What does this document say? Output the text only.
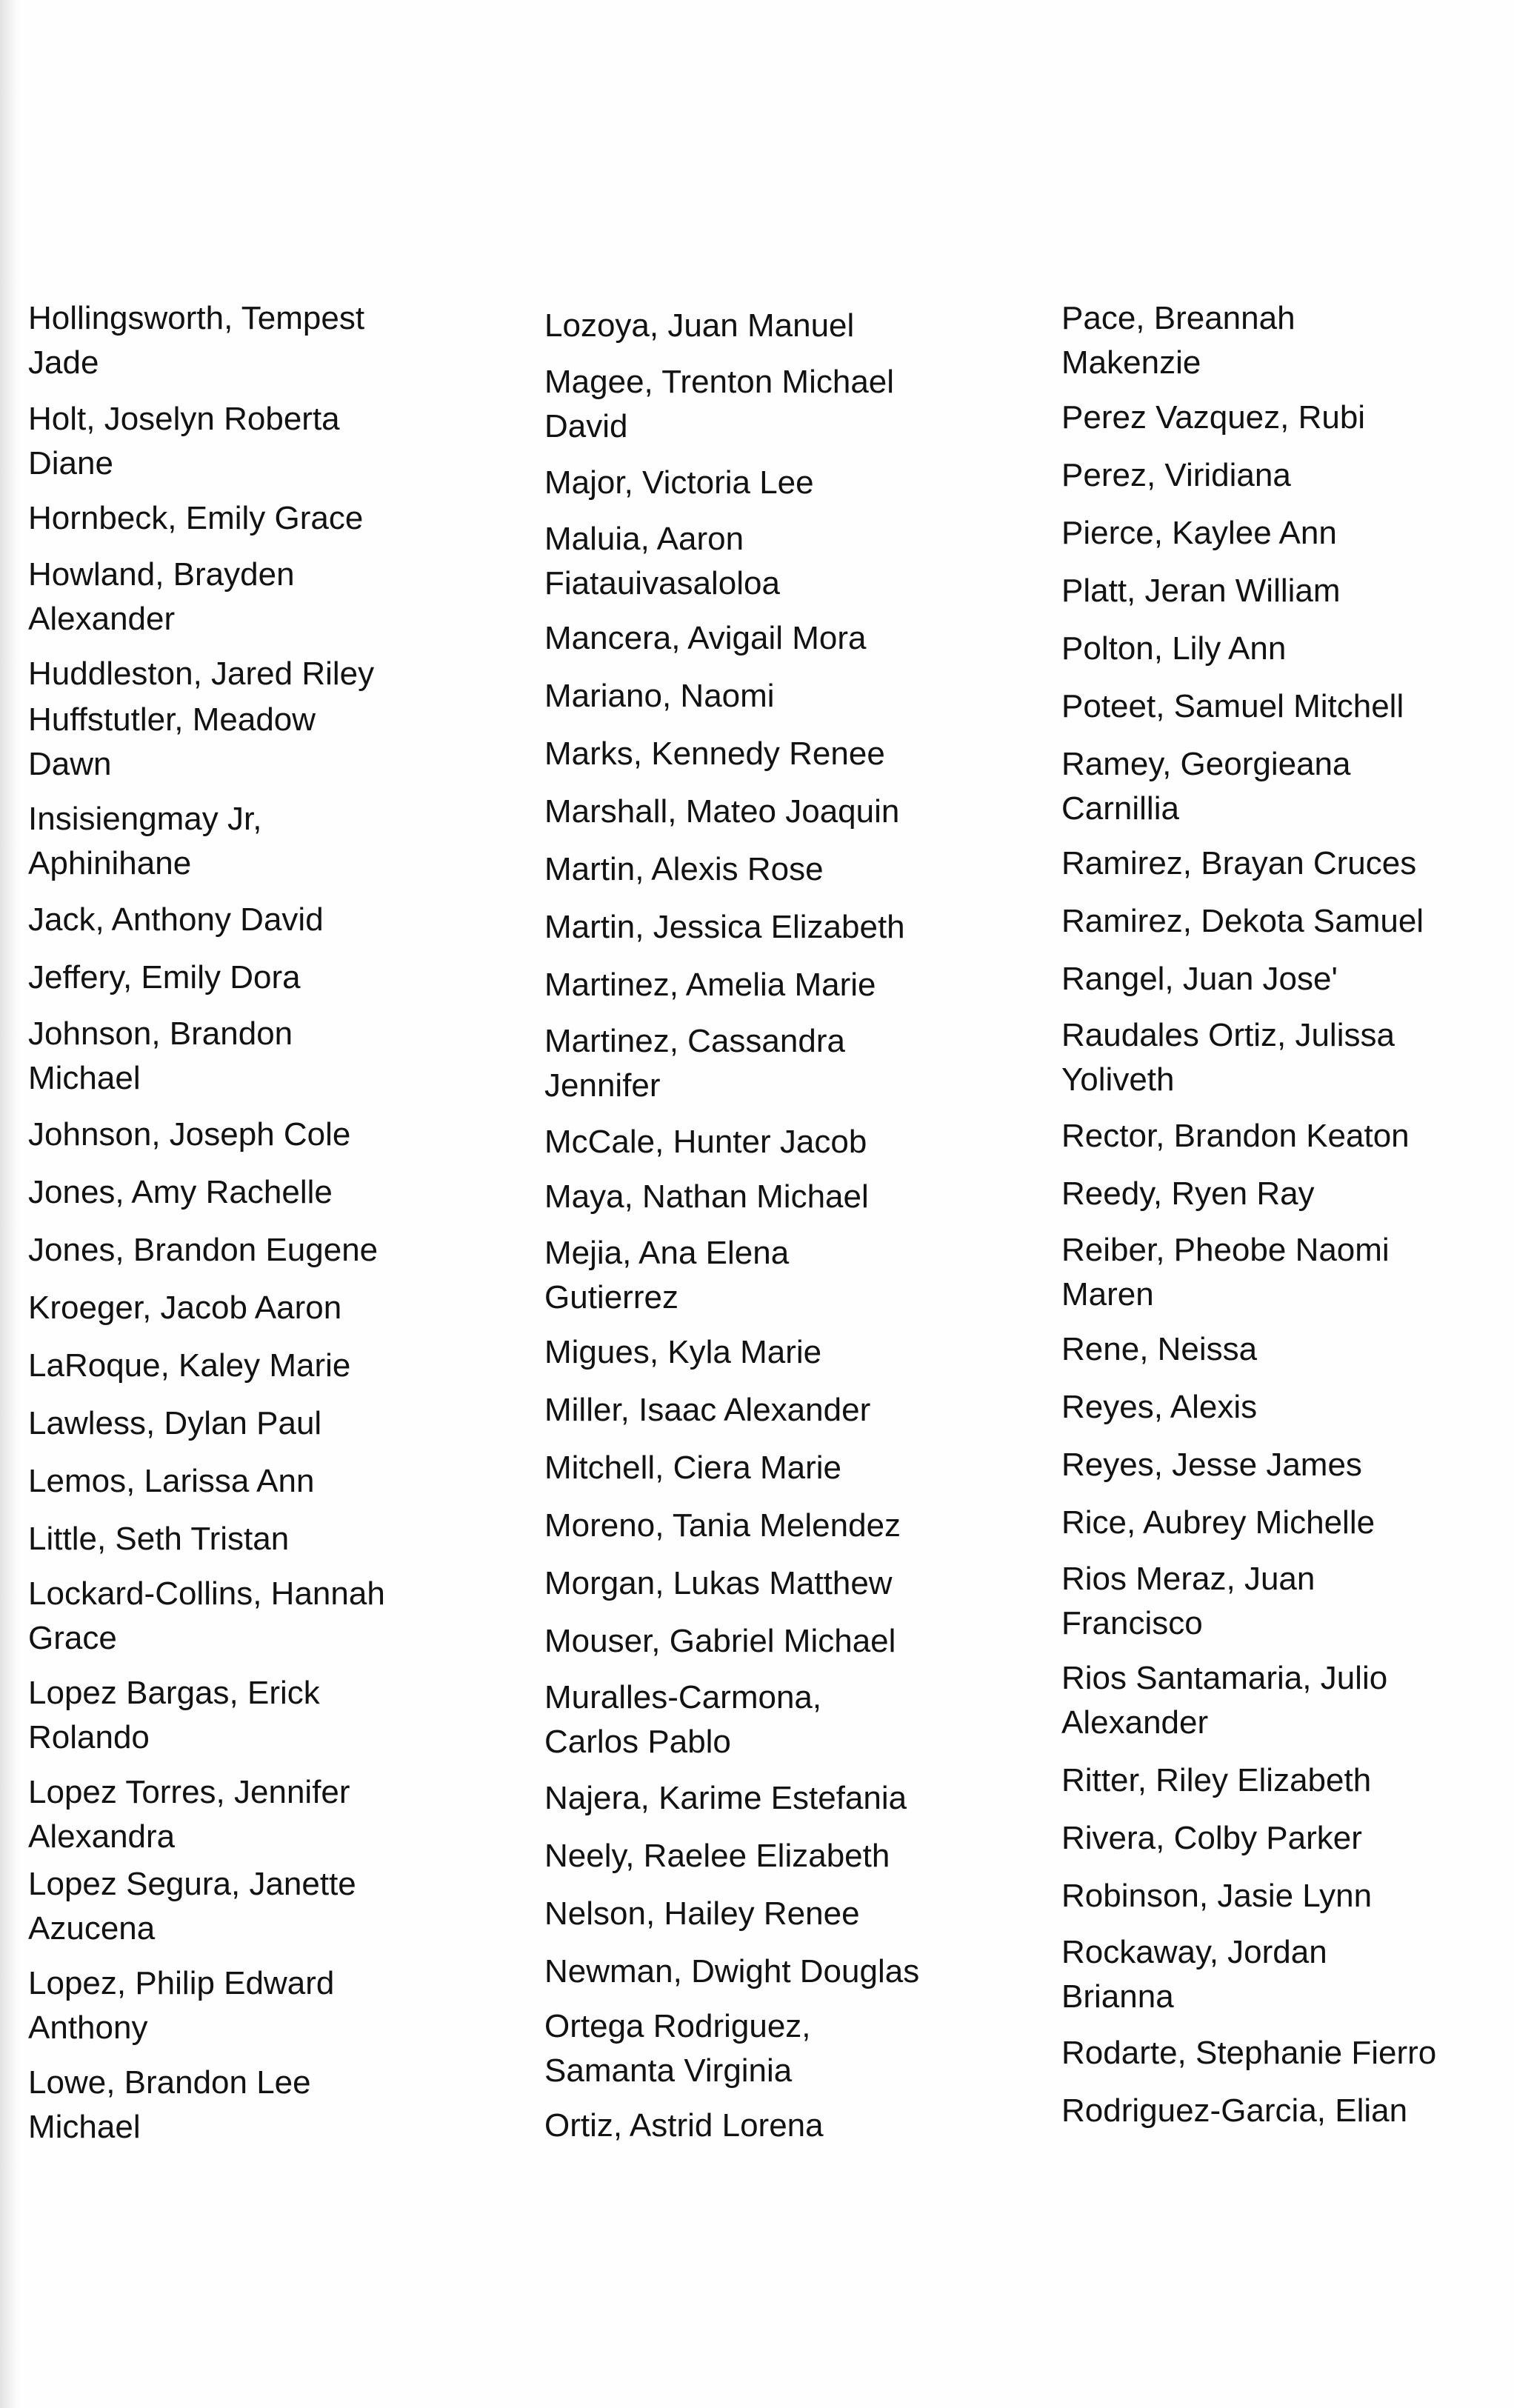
Hollingsworth, Tempest
Jade
Holt, Joselyn Roberta
Diane
Hornbeck, Emily Grace
Howland, Brayden
Alexander
Huddleston, Jared Riley
Huffstutler, Meadow
Dawn
Insisiengmay Jr,
Aphinihane
Jack, Anthony David
Jeffery, Emily Dora
Johnson, Brandon
Michael
Johnson, Joseph Cole
Jones, Amy Rachelle
Jones, Brandon Eugene
Kroeger, Jacob Aaron
LaRoque, Kaley Marie
Lawless, Dylan Paul
Lemos, Larissa Ann
Little, Seth Tristan
Lockard-Collins, Hannah
Grace
Lopez Bargas, Erick
Rolando
Lopez Torres, Jennifer
Alexandra
Lopez Segura, Janette
Azucena
Lopez, Philip Edward
Anthony
Lowe, Brandon Lee
Michael
Lozoya, Juan Manuel
Magee, Trenton Michael
David
Major, Victoria Lee
Maluia, Aaron
Fiatauivasaloloa
Mancera, Avigail Mora
Mariano, Naomi
Marks, Kennedy Renee
Marshall, Mateo Joaquin
Martin, Alexis Rose
Martin, Jessica Elizabeth
Martinez, Amelia Marie
Martinez, Cassandra
Jennifer
McCale, Hunter Jacob
Maya, Nathan Michael
Mejia, Ana Elena
Gutierrez
Migues, Kyla Marie
Miller, Isaac Alexander
Mitchell, Ciera Marie
Moreno, Tania Melendez
Morgan, Lukas Matthew
Mouser, Gabriel Michael
Muralles-Carmona,
Carlos Pablo
Najera, Karime Estefania
Neely, Raelee Elizabeth
Nelson, Hailey Renee
Newman, Dwight Douglas
Ortega Rodriguez,
Samanta Virginia
Ortiz, Astrid Lorena
Pace, Breannah
Makenzie
Perez Vazquez, Rubi
Perez, Viridiana
Pierce, Kaylee Ann
Platt, Jeran William
Polton, Lily Ann
Poteet, Samuel Mitchell
Ramey, Georgieana
Carnillia
Ramirez, Brayan Cruces
Ramirez, Dekota Samuel
Rangel, Juan Jose'
Raudales Ortiz, Julissa
Yoliveth
Rector, Brandon Keaton
Reedy, Ryen Ray
Reiber, Pheobe Naomi
Maren
Rene, Neissa
Reyes, Alexis
Reyes, Jesse James
Rice, Aubrey Michelle
Rios Meraz, Juan
Francisco
Rios Santamaria, Julio
Alexander
Ritter, Riley Elizabeth
Rivera, Colby Parker
Robinson, Jasie Lynn
Rockaway, Jordan
Brianna
Rodarte, Stephanie Fierro
Rodriguez-Garcia, Elian
